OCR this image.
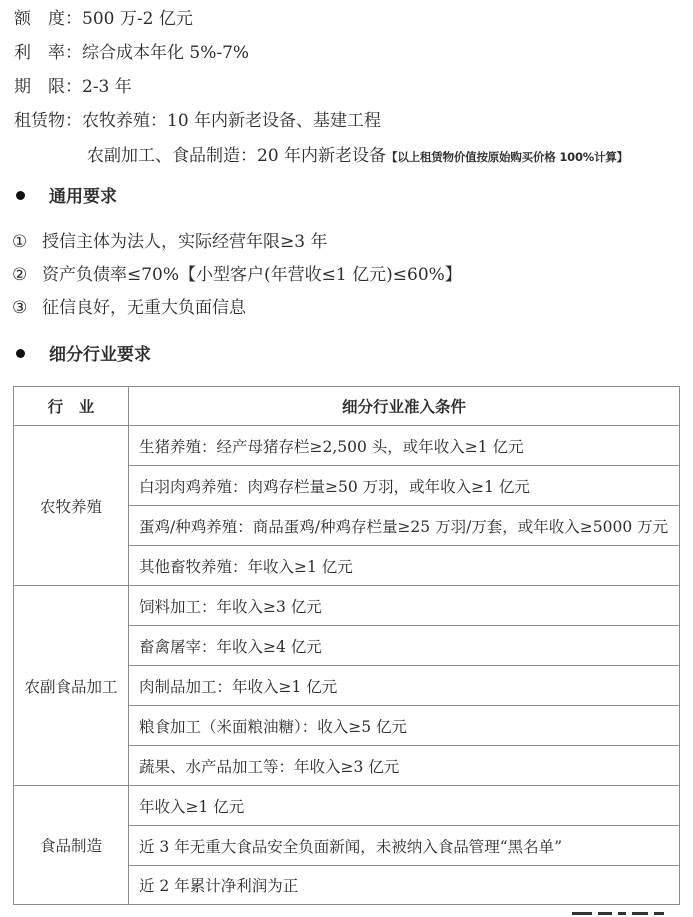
额　度：500 万-2 亿元
利　率：综合成本年化 5%-7%
期　限：2-3 年
租赁物：农牧养殖：10 年内新老设备、基建工程
农副加工、食品制造：20 年内新老设备【以上租赁物价值按原始购买价格 100%计算】
通用要求
① 授信主体为法人，实际经营年限≥3 年
② 资产负债率≤70%【小型客户(年营收≤1 亿元)≤60%】
③ 征信良好，无重大负面信息
细分行业要求
行　业	细分行业准入条件
农牧养殖	生猪养殖：经产母猪存栏≥2,500 头，或年收入≥1 亿元
	白羽肉鸡养殖：肉鸡存栏量≥50 万羽，或年收入≥1 亿元
	蛋鸡/种鸡养殖：商品蛋鸡/种鸡存栏量≥25 万羽/万套，或年收入≥5000 万元
	其他畜牧养殖：年收入≥1 亿元
农副食品加工	饲料加工：年收入≥3 亿元
	畜禽屠宰：年收入≥4 亿元
	肉制品加工：年收入≥1 亿元
	粮食加工（米面粮油糖）：收入≥5 亿元
	蔬果、水产品加工等：年收入≥3 亿元
食品制造	年收入≥1 亿元
	近 3 年无重大食品安全负面新闻，未被纳入食品管理“黑名单”
	近 2 年累计净利润为正
